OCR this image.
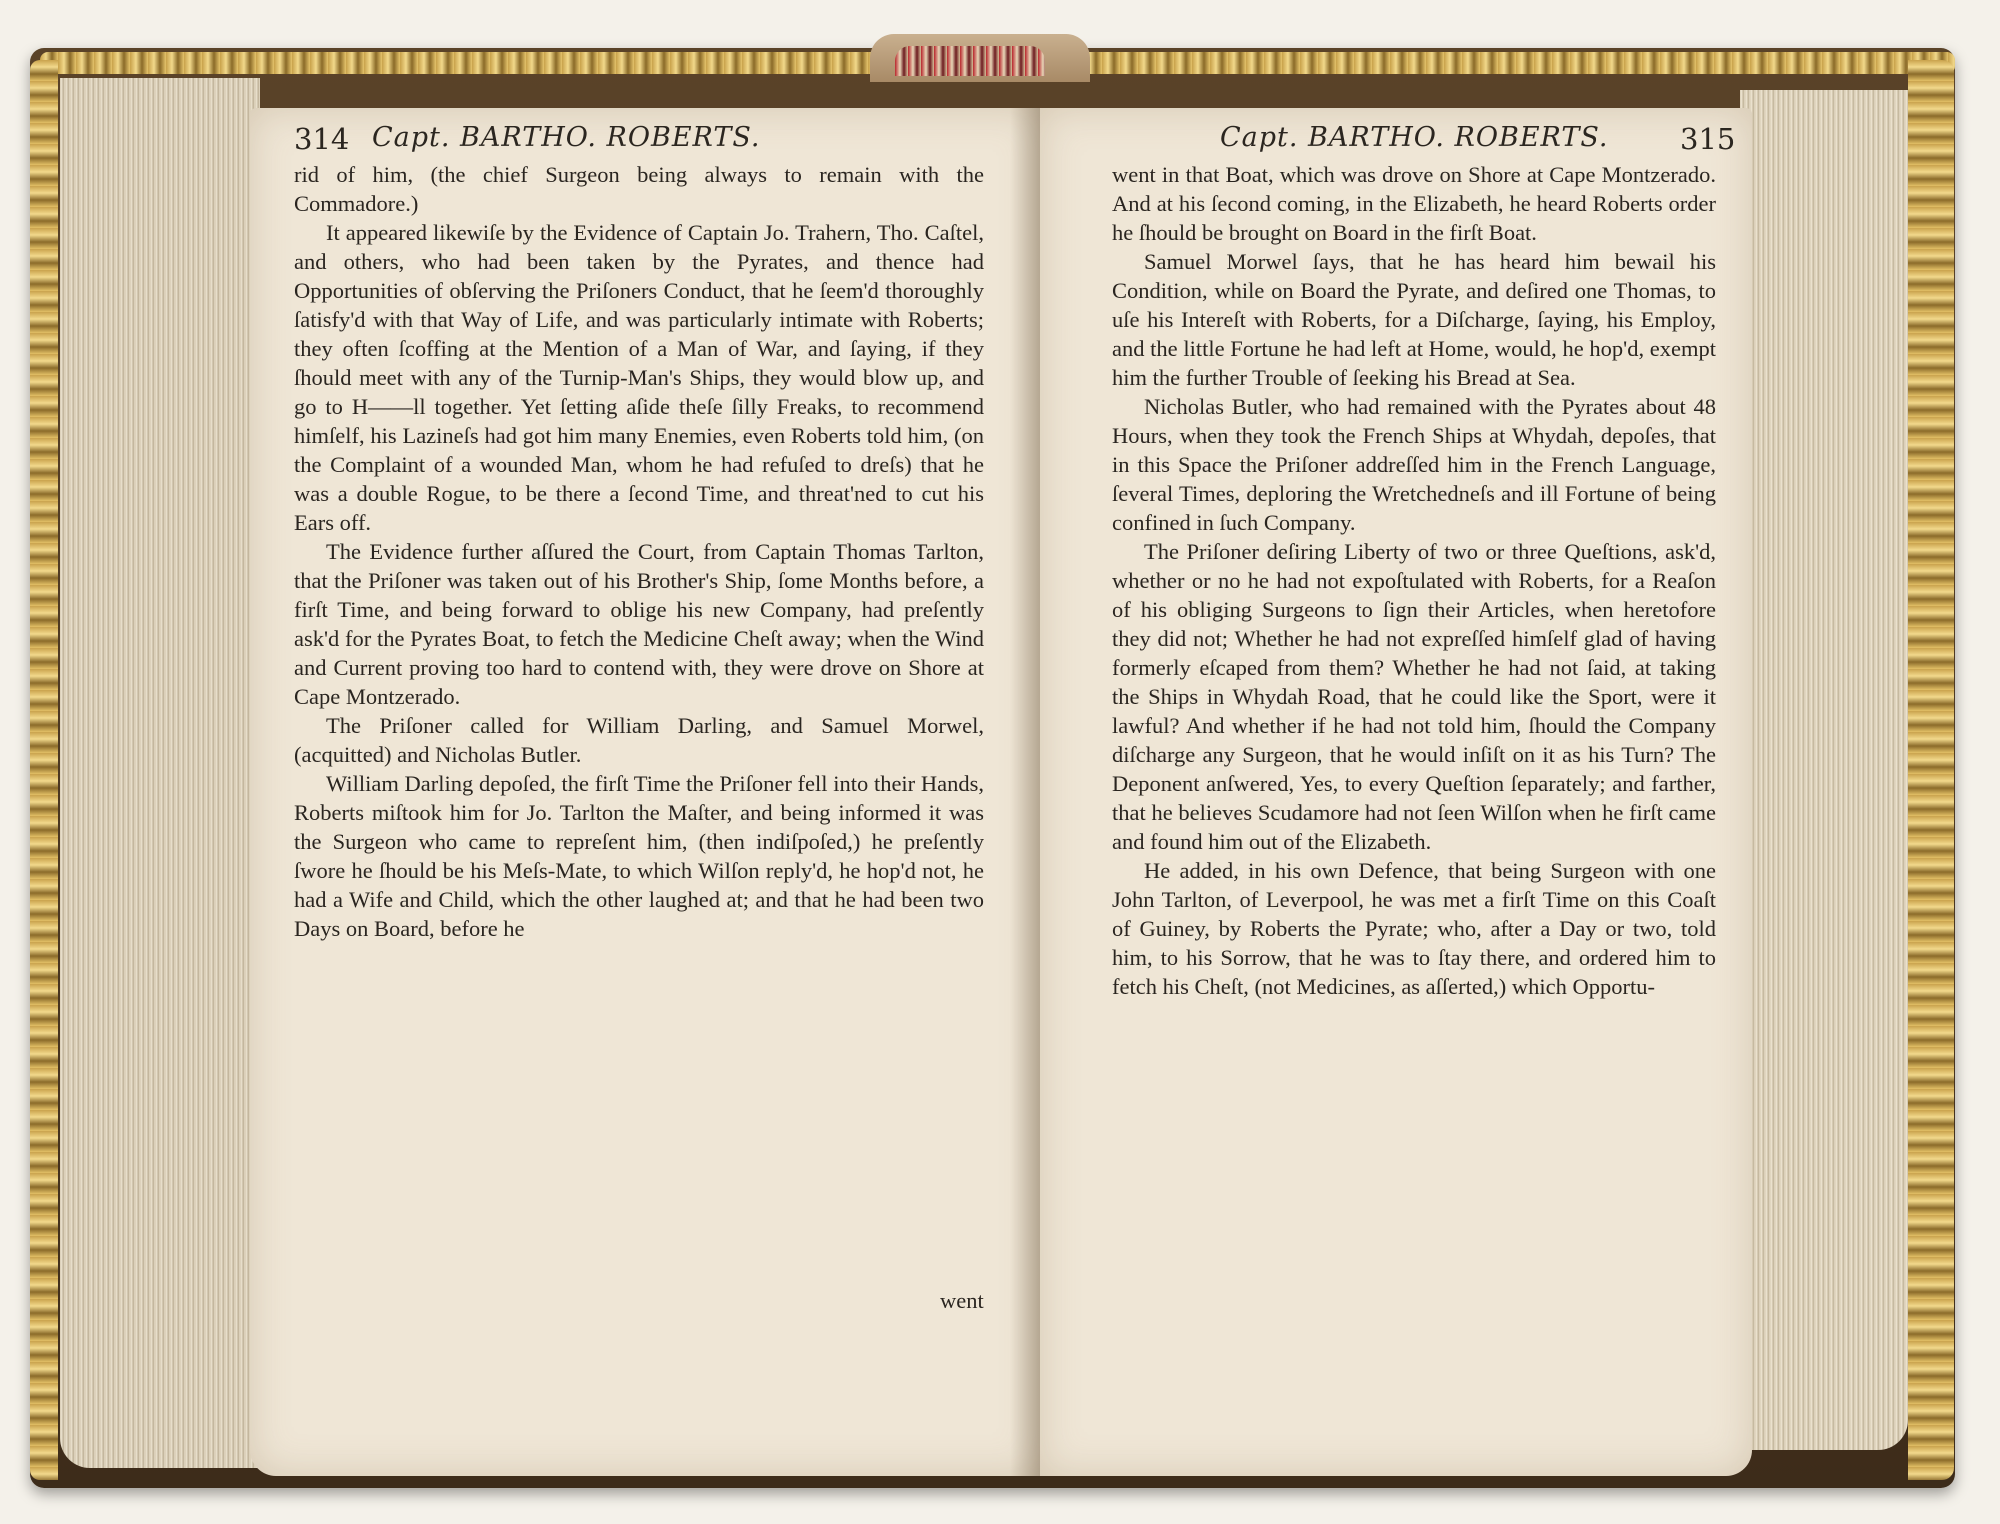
314 Capt. BARTHO. ROBERTS.

rid of him, (the chief Surgeon being always to remain with the Commadore.)

It appeared likewiſe by the Evidence of Captain Jo. Trahern, Tho. Caſtel, and others, who had been taken by the Pyrates, and thence had Opportunities of obſerving the Priſoners Conduct, that he ſeem'd thoroughly ſatisfy'd with that Way of Life, and was particularly intimate with Roberts; they often ſcoffing at the Mention of a Man of War, and ſaying, if they ſhould meet with any of the Turnip-Man's Ships, they would blow up, and go to H——ll together. Yet ſetting aſide theſe ſilly Freaks, to recommend himſelf, his Lazineſs had got him many Enemies, even Roberts told him, (on the Complaint of a wounded Man, whom he had refuſed to dreſs) that he was a double Rogue, to be there a ſecond Time, and threat'ned to cut his Ears off.

The Evidence further aſſured the Court, from Captain Thomas Tarlton, that the Priſoner was taken out of his Brother's Ship, ſome Months before, a firſt Time, and being forward to oblige his new Company, had preſently ask'd for the Pyrates Boat, to fetch the Medicine Cheſt away; when the Wind and Current proving too hard to contend with, they were drove on Shore at Cape Montzerado.

The Priſoner called for William Darling, and Samuel Morwel, (acquitted) and Nicholas Butler.

William Darling depoſed, the firſt Time the Priſoner fell into their Hands, Roberts miſtook him for Jo. Tarlton the Maſter, and being informed it was the Surgeon who came to repreſent him, (then indiſpoſed,) he preſently ſwore he ſhould be his Meſs-Mate, to which Wilſon reply'd, he hop'd not, he had a Wife and Child, which the other laughed at; and that he had been two Days on Board, before he

went
Capt. BARTHO. ROBERTS. 315

went in that Boat, which was drove on Shore at Cape Montzerado. And at his ſecond coming, in the Elizabeth, he heard Roberts order he ſhould be brought on Board in the firſt Boat.

Samuel Morwel ſays, that he has heard him bewail his Condition, while on Board the Pyrate, and deſired one Thomas, to uſe his Intereſt with Roberts, for a Diſcharge, ſaying, his Employ, and the little Fortune he had left at Home, would, he hop'd, exempt him the further Trouble of ſeeking his Bread at Sea.

Nicholas Butler, who had remained with the Pyrates about 48 Hours, when they took the French Ships at Whydah, depoſes, that in this Space the Priſoner addreſſed him in the French Language, ſeveral Times, deploring the Wretchedneſs and ill Fortune of being confined in ſuch Company.

The Priſoner deſiring Liberty of two or three Queſtions, ask'd, whether or no he had not expoſtulated with Roberts, for a Reaſon of his obliging Surgeons to ſign their Articles, when heretofore they did not; Whether he had not expreſſed himſelf glad of having formerly eſcaped from them? Whether he had not ſaid, at taking the Ships in Whydah Road, that he could like the Sport, were it lawful? And whether if he had not told him, ſhould the Company diſcharge any Surgeon, that he would inſiſt on it as his Turn? The Deponent anſwered, Yes, to every Queſtion ſeparately; and farther, that he believes Scudamore had not ſeen Wilſon when he firſt came and found him out of the Elizabeth.

He added, in his own Defence, that being Surgeon with one John Tarlton, of Leverpool, he was met a firſt Time on this Coaſt of Guiney, by Roberts the Pyrate; who, after a Day or two, told him, to his Sorrow, that he was to ſtay there, and ordered him to fetch his Cheſt, (not Medicines, as aſſerted,) which Opportu-
